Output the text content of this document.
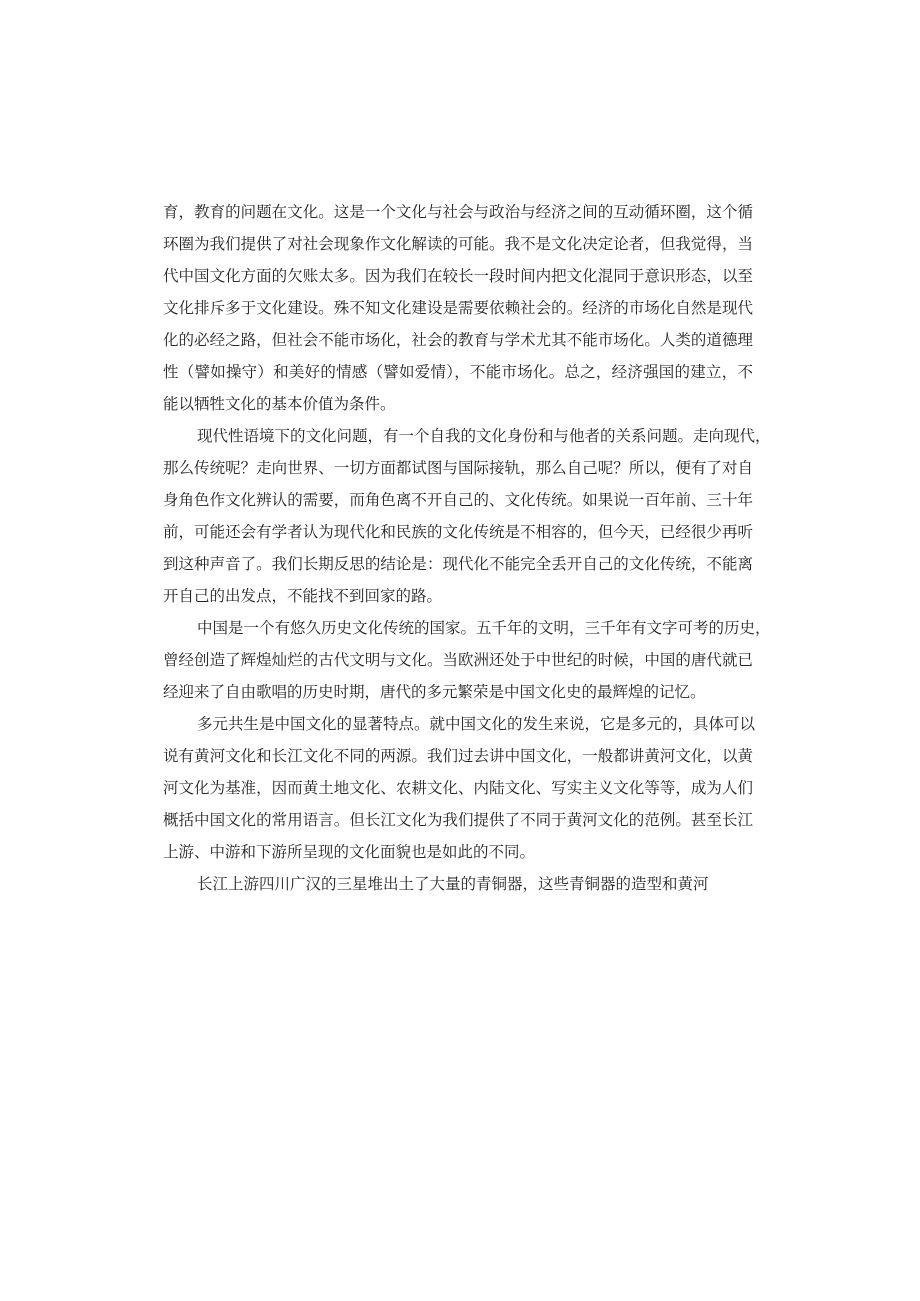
育，教育的问题在文化。这是一个文化与社会与政治与经济之间的互动循环圈，这个循
环圈为我们提供了对社会现象作文化解读的可能。我不是文化决定论者，但我觉得，当
代中国文化方面的欠账太多。因为我们在较长一段时间内把文化混同于意识形态，以至
文化排斥多于文化建设。殊不知文化建设是需要依赖社会的。经济的市场化自然是现代
化的必经之路，但社会不能市场化，社会的教育与学术尤其不能市场化。人类的道德理
性（譬如操守）和美好的情感（譬如爱情），不能市场化。总之，经济强国的建立，不
能以牺牲文化的基本价值为条件。
现代性语境下的文化问题，有一个自我的文化身份和与他者的关系问题。走向现代，
那么传统呢？走向世界、一切方面都试图与国际接轨，那么自己呢？所以，便有了对自
身角色作文化辨认的需要，而角色离不开自己的、文化传统。如果说一百年前、三十年
前，可能还会有学者认为现代化和民族的文化传统是不相容的，但今天，已经很少再听
到这种声音了。我们长期反思的结论是：现代化不能完全丢开自己的文化传统，不能离
开自己的出发点，不能找不到回家的路。
中国是一个有悠久历史文化传统的国家。五千年的文明，三千年有文字可考的历史，
曾经创造了辉煌灿烂的古代文明与文化。当欧洲还处于中世纪的时候，中国的唐代就已
经迎来了自由歌唱的历史时期，唐代的多元繁荣是中国文化史的最辉煌的记忆。
多元共生是中国文化的显著特点。就中国文化的发生来说，它是多元的，具体可以
说有黄河文化和长江文化不同的两源。我们过去讲中国文化，一般都讲黄河文化，以黄
河文化为基准，因而黄土地文化、农耕文化、内陆文化、写实主义文化等等，成为人们
概括中国文化的常用语言。但长江文化为我们提供了不同于黄河文化的范例。甚至长江
上游、中游和下游所呈现的文化面貌也是如此的不同。
长江上游四川广汉的三星堆出土了大量的青铜器，这些青铜器的造型和黄河
